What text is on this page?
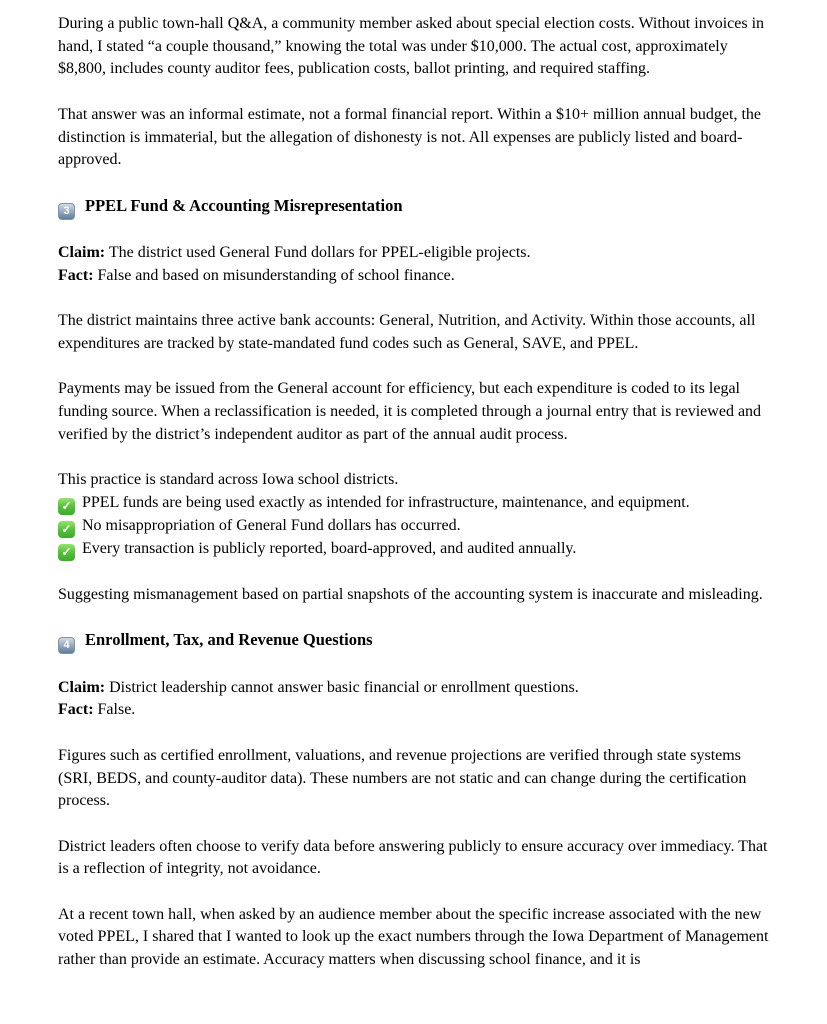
During a public town-hall Q&A, a community member asked about special election costs. Without invoices in hand, I stated “a couple thousand,” knowing the total was under $10,000. The actual cost, approximately $8,800, includes county auditor fees, publication costs, ballot printing, and required staffing.

That answer was an informal estimate, not a formal financial report. Within a $10+ million annual budget, the distinction is immaterial, but the allegation of dishonesty is not. All expenses are publicly listed and board-approved.

3 PPEL Fund & Accounting Misrepresentation
Claim: The district used General Fund dollars for PPEL-eligible projects.
Fact: False and based on misunderstanding of school finance.

The district maintains three active bank accounts: General, Nutrition, and Activity. Within those accounts, all expenditures are tracked by state-mandated fund codes such as General, SAVE, and PPEL.

Payments may be issued from the General account for efficiency, but each expenditure is coded to its legal funding source. When a reclassification is needed, it is completed through a journal entry that is reviewed and verified by the district’s independent auditor as part of the annual audit process.

This practice is standard across Iowa school districts.
✓ PPEL funds are being used exactly as intended for infrastructure, maintenance, and equipment.
✓ No misappropriation of General Fund dollars has occurred.
✓ Every transaction is publicly reported, board-approved, and audited annually.

Suggesting mismanagement based on partial snapshots of the accounting system is inaccurate and misleading.

4 Enrollment, Tax, and Revenue Questions
Claim: District leadership cannot answer basic financial or enrollment questions.
Fact: False.

Figures such as certified enrollment, valuations, and revenue projections are verified through state systems (SRI, BEDS, and county-auditor data). These numbers are not static and can change during the certification process.

District leaders often choose to verify data before answering publicly to ensure accuracy over immediacy. That is a reflection of integrity, not avoidance.

At a recent town hall, when asked by an audience member about the specific increase associated with the new voted PPEL, I shared that I wanted to look up the exact numbers through the Iowa Department of Management rather than provide an estimate. Accuracy matters when discussing school finance, and it is
